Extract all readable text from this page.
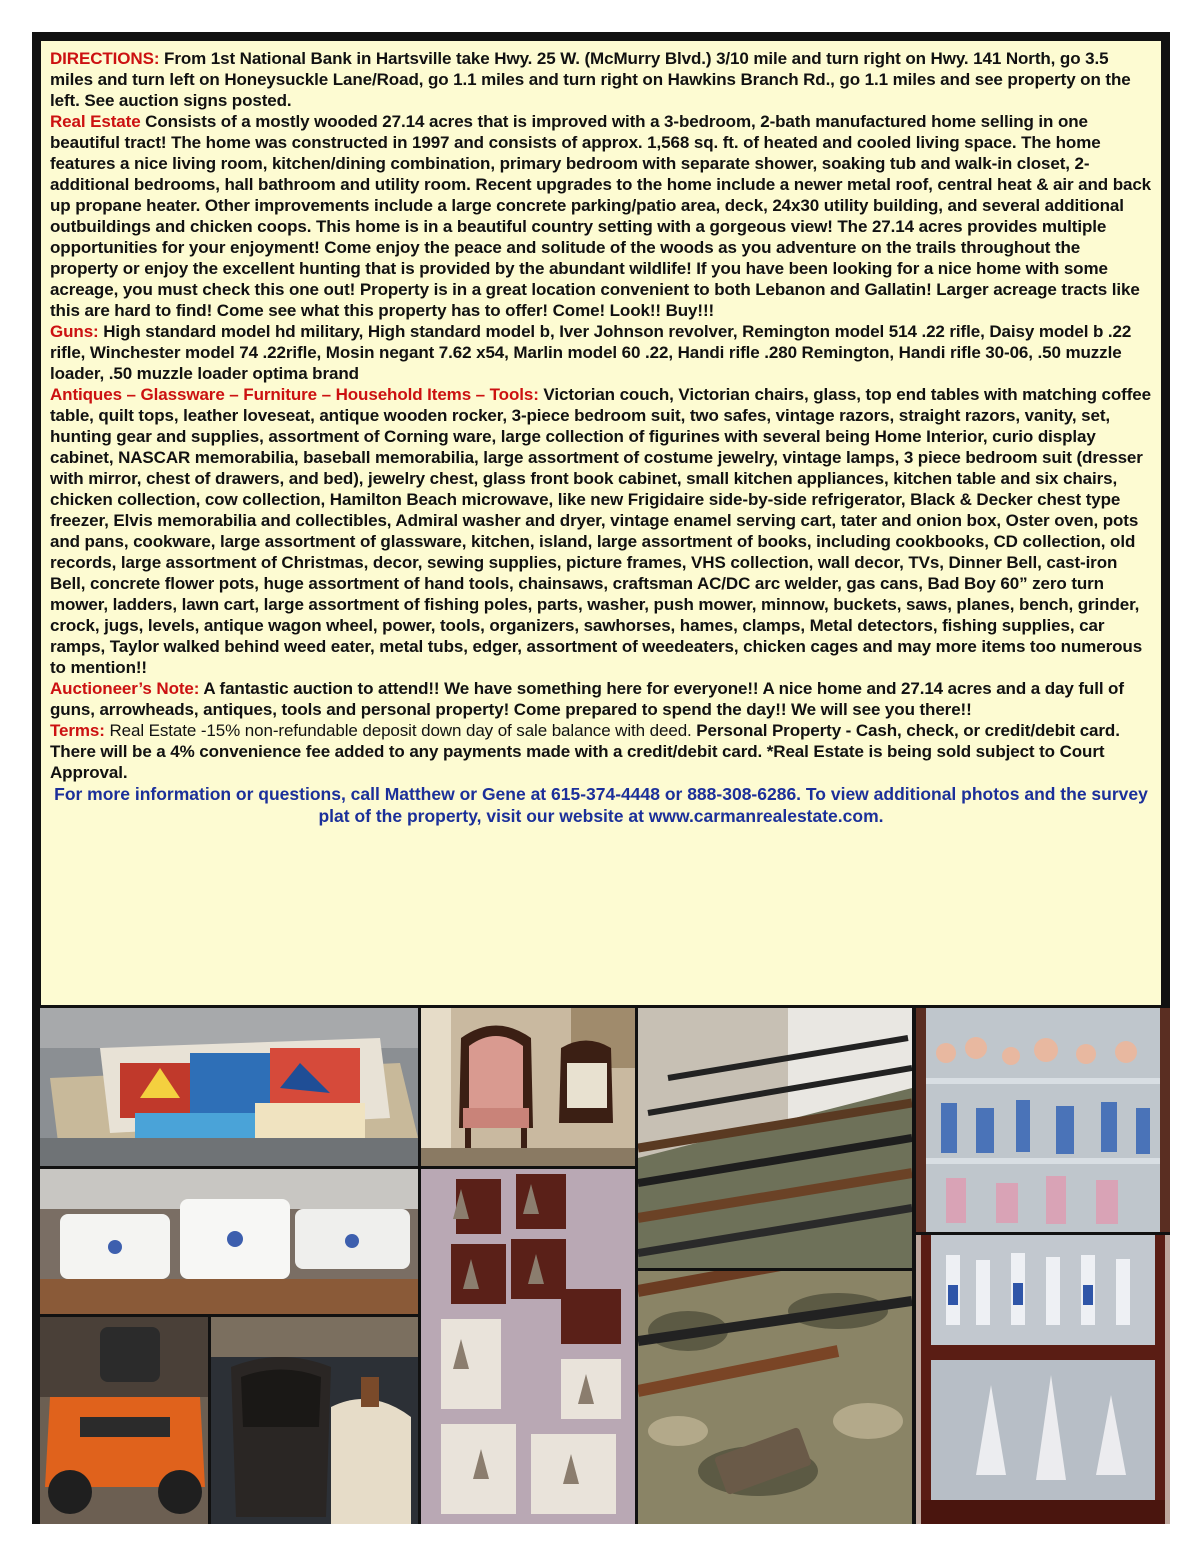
DIRECTIONS: From 1st National Bank in Hartsville take Hwy. 25 W. (McMurry Blvd.) 3/10 mile and turn right on Hwy. 141 North, go 3.5 miles and turn left on Honeysuckle Lane/Road, go 1.1 miles and turn right on Hawkins Branch Rd., go 1.1 miles and see property on the left. See auction signs posted.
Real Estate Consists of a mostly wooded 27.14 acres that is improved with a 3-bedroom, 2-bath manufactured home selling in one beautiful tract! The home was constructed in 1997 and consists of approx. 1,568 sq. ft. of heated and cooled living space. The home features a nice living room, kitchen/dining combination, primary bedroom with separate shower, soaking tub and walk-in closet, 2-additional bedrooms, hall bathroom and utility room. Recent upgrades to the home include a newer metal roof, central heat & air and back up propane heater. Other improvements include a large concrete parking/patio area, deck, 24x30 utility building, and several additional outbuildings and chicken coops. This home is in a beautiful country setting with a gorgeous view! The 27.14 acres provides multiple opportunities for your enjoyment! Come enjoy the peace and solitude of the woods as you adventure on the trails throughout the property or enjoy the excellent hunting that is provided by the abundant wildlife! If you have been looking for a nice home with some acreage, you must check this one out! Property is in a great location convenient to both Lebanon and Gallatin! Larger acreage tracts like this are hard to find! Come see what this property has to offer! Come! Look!! Buy!!!
Guns: High standard model hd military, High standard model b, Iver Johnson revolver, Remington model 514 .22 rifle, Daisy model b .22 rifle, Winchester model 74 .22rifle, Mosin negant 7.62 x54, Marlin model 60 .22, Handi rifle .280 Remington, Handi rifle 30-06, .50 muzzle loader, .50 muzzle loader optima brand
Antiques – Glassware – Furniture – Household Items – Tools: Victorian couch, Victorian chairs, glass, top end tables with matching coffee table, quilt tops, leather loveseat, antique wooden rocker, 3-piece bedroom suit, two safes, vintage razors, straight razors, vanity, set, hunting gear and supplies, assortment of Corning ware, large collection of figurines with several being Home Interior, curio display cabinet, NASCAR memorabilia, baseball memorabilia, large assortment of costume jewelry, vintage lamps, 3 piece bedroom suit (dresser with mirror, chest of drawers, and bed), jewelry chest, glass front book cabinet, small kitchen appliances, kitchen table and six chairs, chicken collection, cow collection, Hamilton Beach microwave, like new Frigidaire side-by-side refrigerator, Black & Decker chest type freezer, Elvis memorabilia and collectibles, Admiral washer and dryer, vintage enamel serving cart, tater and onion box, Oster oven, pots and pans, cookware, large assortment of glassware, kitchen, island, large assortment of books, including cookbooks, CD collection, old records, large assortment of Christmas, decor, sewing supplies, picture frames, VHS collection, wall decor, TVs, Dinner Bell, cast-iron Bell, concrete flower pots, huge assortment of hand tools, chainsaws, craftsman AC/DC arc welder, gas cans, Bad Boy 60” zero turn mower, ladders, lawn cart, large assortment of fishing poles, parts, washer, push mower, minnow, buckets, saws, planes, bench, grinder, crock, jugs, levels, antique wagon wheel, power, tools, organizers, sawhorses, hames, clamps, Metal detectors, fishing supplies, car ramps, Taylor walked behind weed eater, metal tubs, edger, assortment of weedeaters, chicken cages and may more items too numerous to mention!!
Auctioneer’s Note: A fantastic auction to attend!! We have something here for everyone!! A nice home and 27.14 acres and a day full of guns, arrowheads, antiques, tools and personal property! Come prepared to spend the day!! We will see you there!!
Terms: Real Estate -15% non-refundable deposit down day of sale balance with deed. Personal Property - Cash, check, or credit/debit card. There will be a 4% convenience fee added to any payments made with a credit/debit card. *Real Estate is being sold subject to Court Approval.

For more information or questions, call Matthew or Gene at 615-374-4448 or 888-308-6286. To view additional photos and the survey plat of the property, visit our website at www.carmanrealestate.com.
